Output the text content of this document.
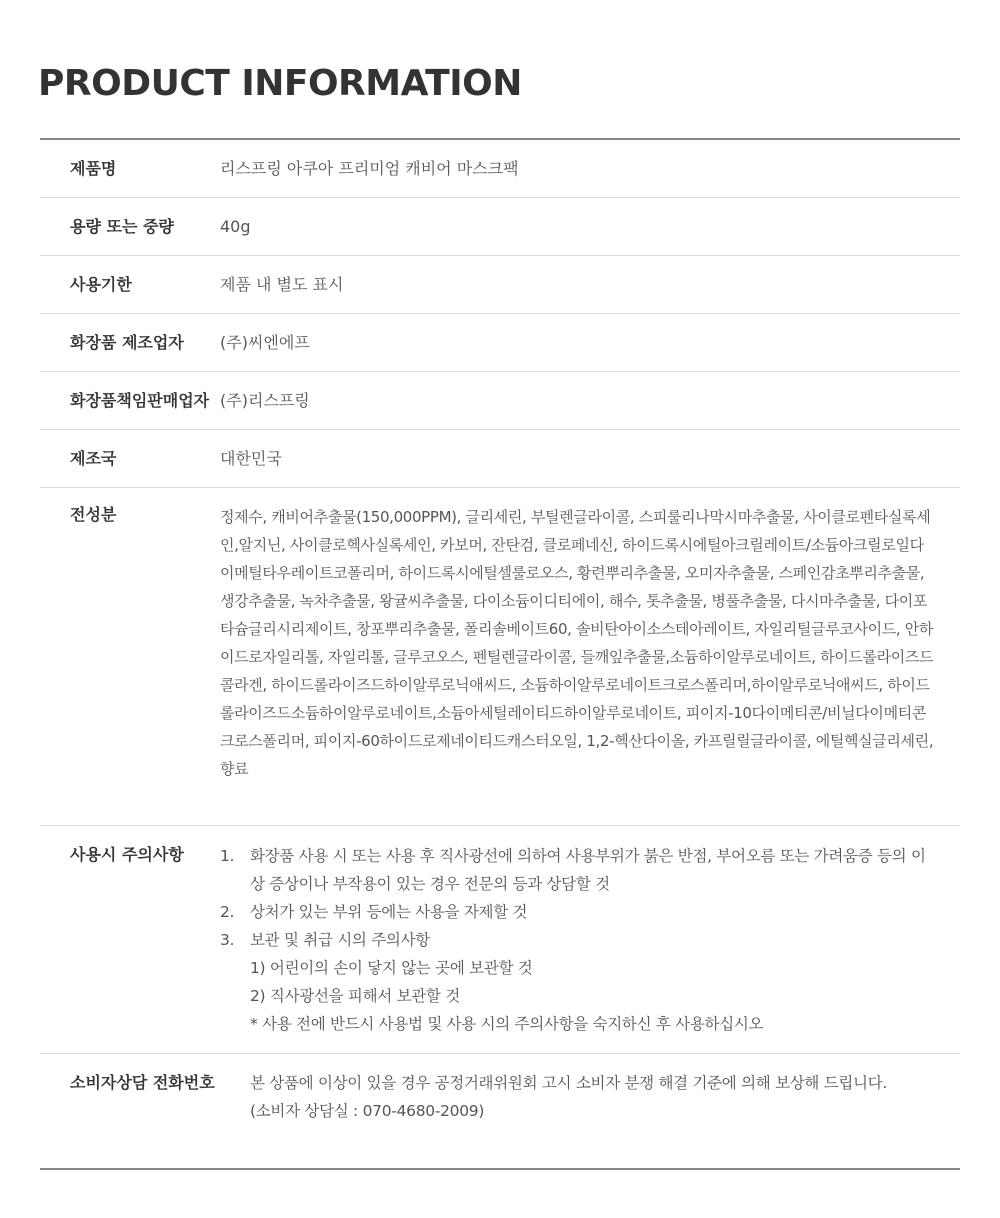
PRODUCT INFORMATION
제품명	리스프링 아쿠아 프리미엄 캐비어 마스크팩
용량 또는 중량	40g
사용기한	제품 내 별도 표시
화장품 제조업자	(주)씨엔에프
화장품책임판매업자 (주)리스프링
제조국	대한민국
전성분	정제수, 캐비어추출물(150,000PPM), 글리세린, 부틸렌글라이콜, 스피룰리나막시마추출물, 사이클로펜타실록세인,알지닌, 사이클로헥사실록세인, 카보머, 잔탄검, 클로페네신, 하이드록시에틸아크릴레이트/소듐아크릴로일다이메틸타우레이트코폴리머, 하이드록시에틸셀룰로오스, 황련뿌리추출물, 오미자추출물, 스페인감초뿌리추출물, 생강추출물, 녹차추출물, 왕귤씨추출물, 다이소듐이디티에이, 해수, 톳추출물, 병풀추출물, 다시마추출물, 다이포타슘글리시리제이트, 창포뿌리추출물, 폴리솔베이트60, 솔비탄아이소스테아레이트, 자일리틸글루코사이드, 안하이드로자일리톨, 자일리톨, 글루코오스, 펜틸렌글라이콜, 들깨잎추출물,소듐하이알루로네이트, 하이드롤라이즈드콜라겐, 하이드롤라이즈드하이알루로닉애씨드, 소듐하이알루로네이트크로스폴리머,하이알루로닉애씨드, 하이드롤라이즈드소듐하이알루로네이트,소듐아세틸레이티드하이알루로네이트, 피이지-10다이메티콘/비닐다이메티콘크로스폴리머, 피이지-60하이드로제네이티드캐스터오일, 1,2-헥산다이올, 카프릴릴글라이콜, 에틸헥실글리세린, 향료
사용시 주의사항	1.	화장품 사용 시 또는 사용 후 직사광선에 의하여 사용부위가 붉은 반점, 부어오름 또는 가려움증 등의 이상 증상이나 부작용이 있는 경우 전문의 등과 상담할 것
2.	상처가 있는 부위 등에는 사용을 자제할 것
3.	보관 및 취급 시의 주의사항
1) 어린이의 손이 닿지 않는 곳에 보관할 것
2) 직사광선을 피해서 보관할 것
* 사용 전에 반드시 사용법 및 사용 시의 주의사항을 숙지하신 후 사용하십시오
소비자상담 전화번호	본 상품에 이상이 있을 경우 공정거래위원회 고시 소비자 분쟁 해결 기준에 의해 보상해 드립니다.
(소비자 상담실 : 070-4680-2009)
